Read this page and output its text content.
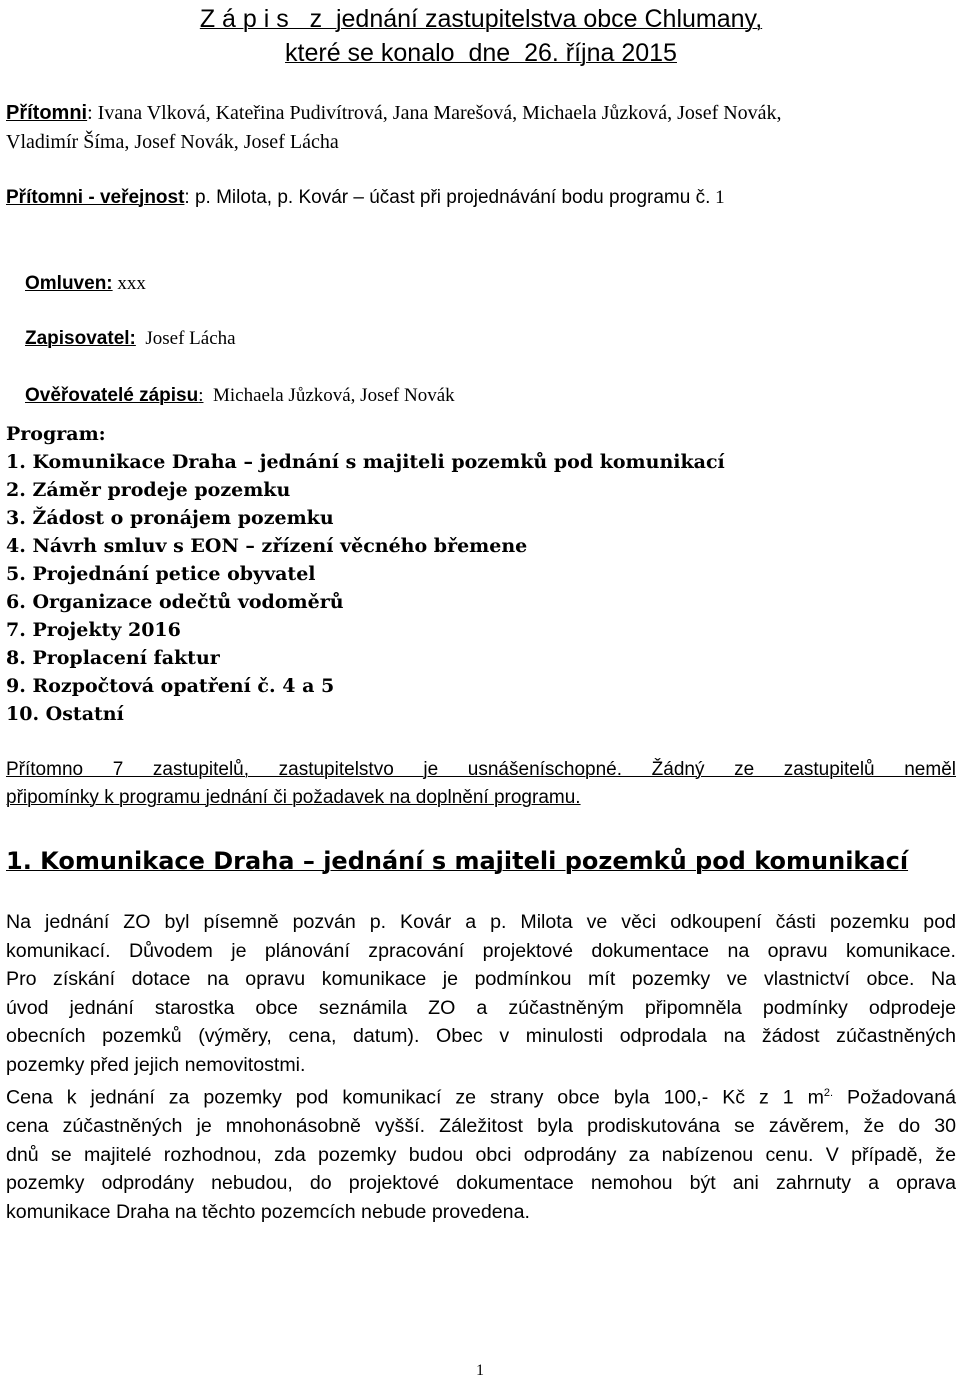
Z á p i s   z  jednání zastupitelstva obce Chlumany,
které se konalo  dne  26. října 2015
Přítomni: Ivana Vlková, Kateřina Pudivítrová, Jana Marešová, Michaela Jůzková, Josef Novák,
Vladimír Šíma, Josef Novák, Josef Lácha
Přítomni - veřejnost: p. Milota, p. Kovár – účast při projednávání bodu programu č. 1

Omluven: xxx

Zapisovatel:  Josef Lácha

Ověřovatelé zápisu:  Michaela Jůzková, Josef Novák

Program:
1. Komunikace Draha – jednání s majiteli pozemků pod komunikací
2. Záměr prodeje pozemku
3. Žádost o pronájem pozemku
4. Návrh smluv s EON – zřízení věcného břemene
5. Projednání petice obyvatel
6. Organizace odečtů vodoměrů
7. Projekty 2016
8. Proplacení faktur
9. Rozpočtová opatření č. 4 a 5
10. Ostatní
Přítomno  7  zastupitelů,  zastupitelstvo  je  usnášeníschopné.  Žádný  ze  zastupitelů  neměl
připomínky k programu jednání či požadavek na doplnění programu.
1. Komunikace Draha – jednání s majiteli pozemků pod komunikací
Na jednání ZO byl písemně pozván p. Kovár a p. Milota ve věci odkoupení části pozemku pod
komunikací. Důvodem je plánování zpracování projektové dokumentace na opravu komunikace.
Pro získání dotace na opravu komunikace je podmínkou mít pozemky ve vlastnictví obce. Na
úvod jednání starostka obce seznámila ZO a zúčastněným připomněla podmínky odprodeje
obecních pozemků (výměry, cena, datum). Obec v minulosti odprodala na žádost zúčastněných
pozemky před jejich nemovitostmi.
Cena k jednání za pozemky pod komunikací ze strany obce byla 100,- Kč z 1 $m^{2.}$ Požadovaná
cena zúčastněných je mnohonásobně vyšší. Záležitost byla prodiskutována se závěrem, že do 30
dnů se majitelé rozhodnou, zda pozemky budou obci odprodány za nabízenou cenu. V případě, že
pozemky odprodány nebudou, do projektové dokumentace nemohou být ani zahrnuty a oprava
komunikace Draha na těchto pozemcích nebude provedena.
1
